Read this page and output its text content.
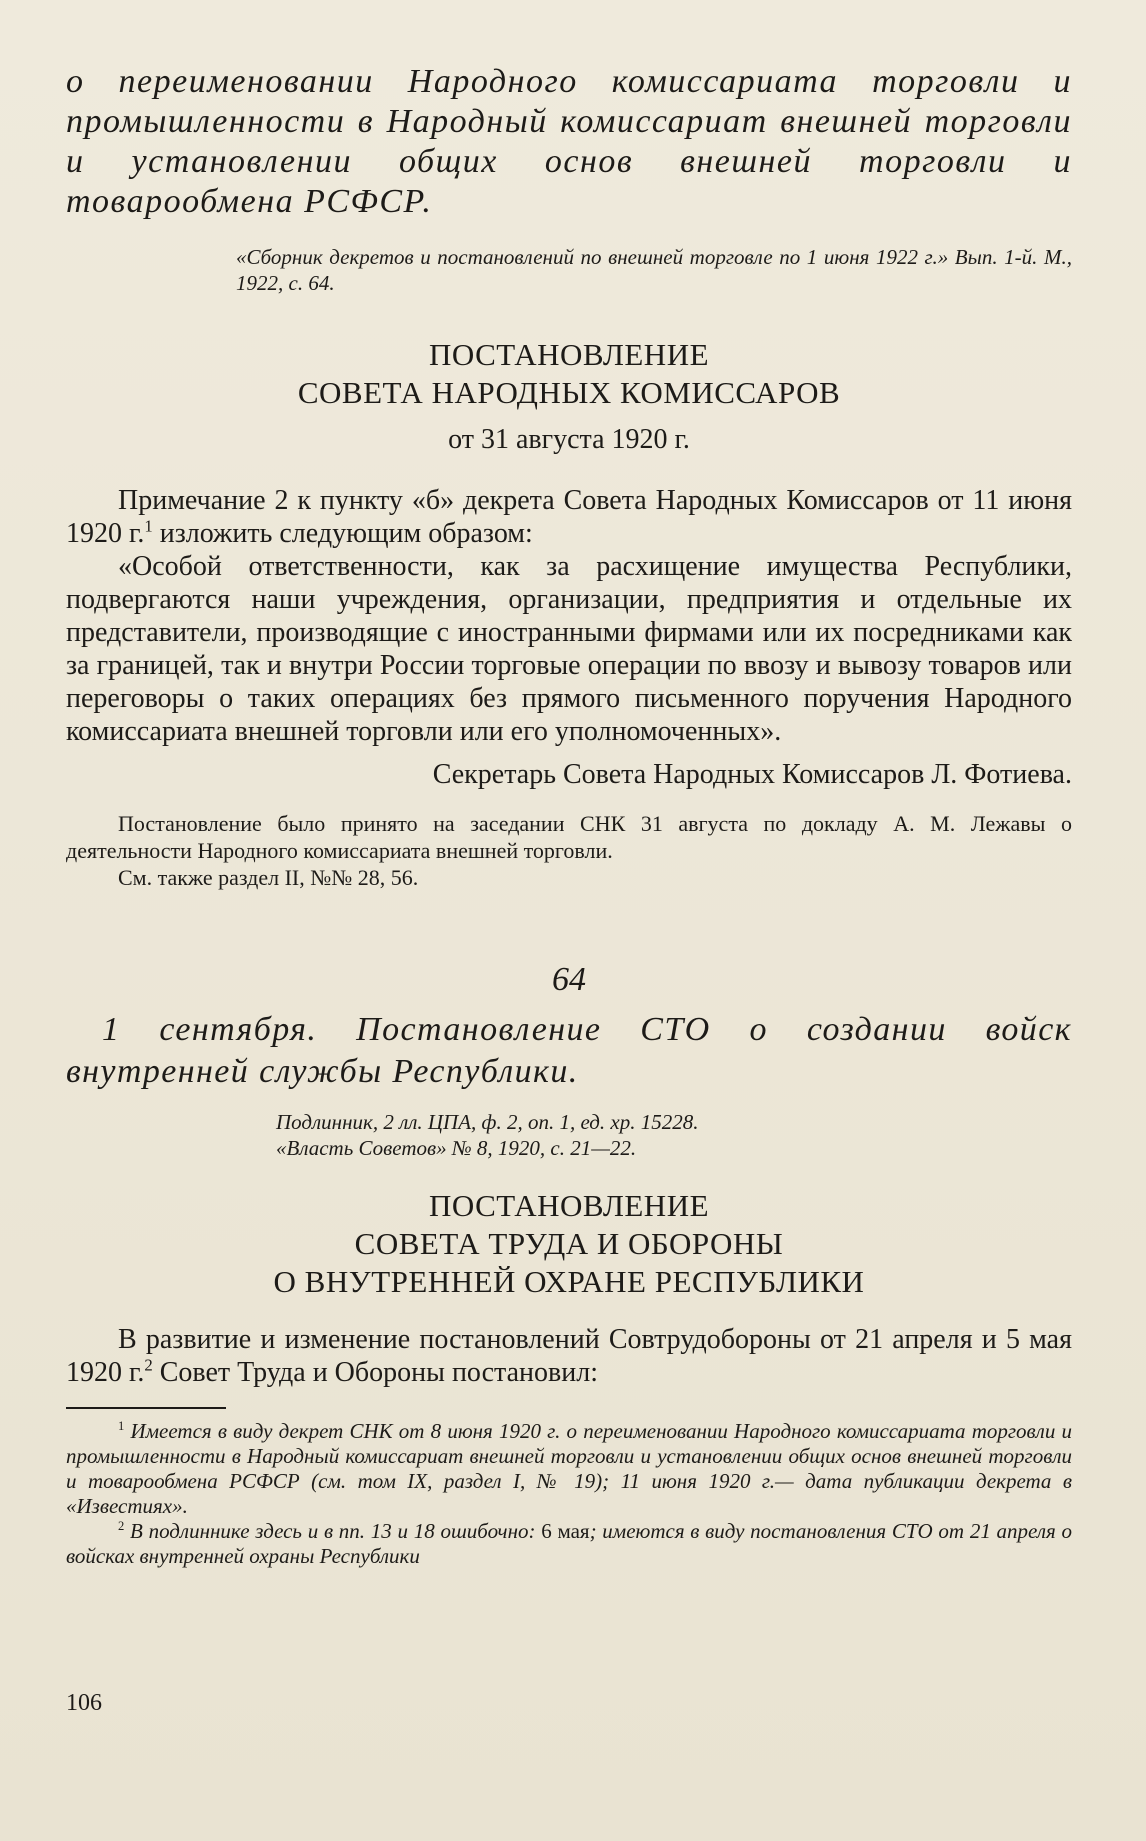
о переименовании Народного комиссариата торговли и промышленности в Народный комиссариат внешней торговли и установлении общих основ внешней торговли и товарообмена РСФСР.

«Сборник декретов и постановлений по внешней торговле по 1 июня 1922 г.» Вып. 1-й. М., 1922, с. 64.

ПОСТАНОВЛЕНИЕ

СОВЕТА НАРОДНЫХ КОМИССАРОВ

от 31 августа 1920 г.

Примечание 2 к пункту «б» декрета Совета Народных Комиссаров от 11 июня 1920 г.$^1$ изложить следующим образом:

«Особой ответственности, как за расхищение имущества Республики, подвергаются наши учреждения, организации, предприятия и отдельные их представители, производящие с иностранными фирмами или их посредниками как за границей, так и внутри России торговые операции по ввозу и вывозу товаров или переговоры о таких операциях без прямого письменного поручения Народного комиссариата внешней торговли или его уполномоченных».

Секретарь Совета Народных Комиссаров Л. Фотиева.

Постановление было принято на заседании СНК 31 августа по докладу А. М. Лежавы о деятельности Народного комиссариата внешней торговли.

См. также раздел II, №№ 28, 56.

64

1 сентября. Постановление СТО о создании войск внутренней службы Республики.

Подлинник, 2 лл. ЦПА, ф. 2, оп. 1, ед. хр. 15228.

«Власть Советов» № 8, 1920, с. 21—22.

ПОСТАНОВЛЕНИЕ

СОВЕТА ТРУДА И ОБОРОНЫ

О ВНУТРЕННЕЙ ОХРАНЕ РЕСПУБЛИКИ

В развитие и изменение постановлений Совтрудобороны от 21 апреля и 5 мая 1920 г.$^2$ Совет Труда и Обороны постановил:

$^1$ Имеется в виду декрет СНК от 8 июня 1920 г. о переименовании Народного комиссариата торговли и промышленности в Народный комиссариат внешней торговли и установлении общих основ внешней торговли и товарообмена РСФСР (см. том IX, раздел I, № 19); 11 июня 1920 г.— дата публикации декрета в «Известиях».

$^2$ В подлиннике здесь и в пп. 13 и 18 ошибочно: 6 мая; имеются в виду постановления СТО от 21 апреля о войсках внутренней охраны Республики

106
